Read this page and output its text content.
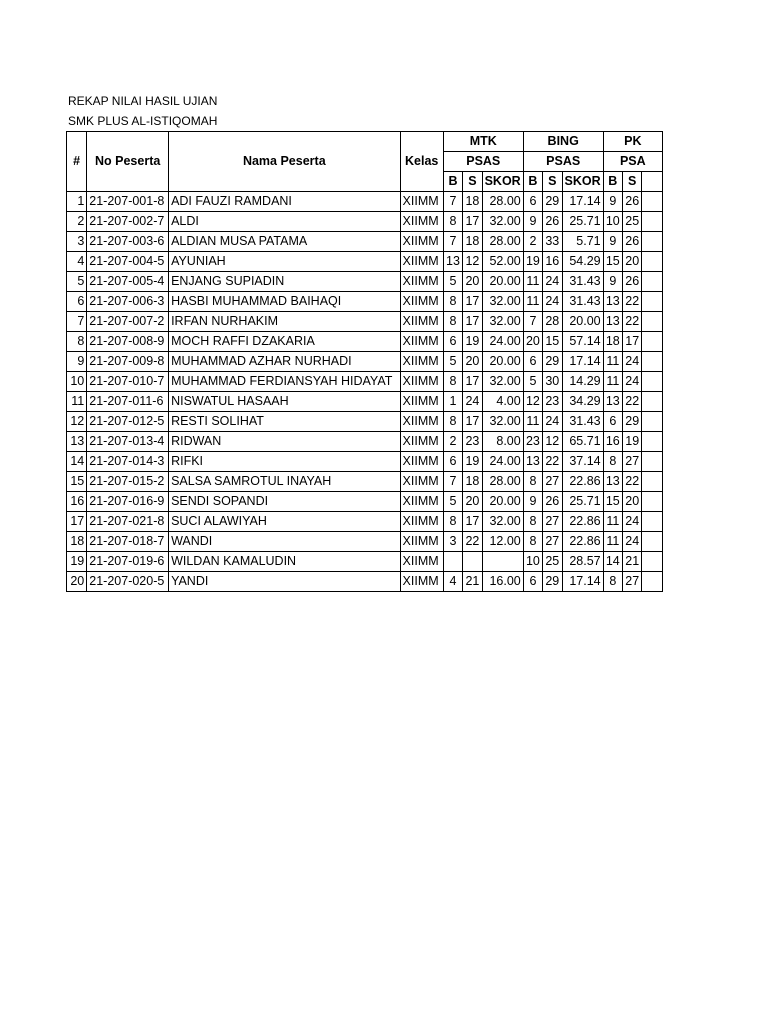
REKAP NILAI HASIL UJIAN
SMK PLUS AL-ISTIQOMAH
#	No Peserta	Nama Peserta	Kelas	MTK			BING			PK		
				PSAS			PSAS			PSA		
				B	S	SKOR	B	S	SKOR	B	S	
1	21-207-001-8	ADI FAUZI RAMDANI	XIIMM	7	18	28.00	6	29	17.14	9	26	
2	21-207-002-7	ALDI	XIIMM	8	17	32.00	9	26	25.71	10	25	
3	21-207-003-6	ALDIAN MUSA PATAMA	XIIMM	7	18	28.00	2	33	5.71	9	26	
4	21-207-004-5	AYUNIAH	XIIMM	13	12	52.00	19	16	54.29	15	20	
5	21-207-005-4	ENJANG SUPIADIN	XIIMM	5	20	20.00	11	24	31.43	9	26	
6	21-207-006-3	HASBI MUHAMMAD BAIHAQI	XIIMM	8	17	32.00	11	24	31.43	13	22	
7	21-207-007-2	IRFAN NURHAKIM	XIIMM	8	17	32.00	7	28	20.00	13	22	
8	21-207-008-9	MOCH RAFFI DZAKARIA	XIIMM	6	19	24.00	20	15	57.14	18	17	
9	21-207-009-8	MUHAMMAD AZHAR NURHADI	XIIMM	5	20	20.00	6	29	17.14	11	24	
10	21-207-010-7	MUHAMMAD FERDIANSYAH HIDAYAT	XIIMM	8	17	32.00	5	30	14.29	11	24	
11	21-207-011-6	NISWATUL HASAAH	XIIMM	1	24	4.00	12	23	34.29	13	22	
12	21-207-012-5	RESTI SOLIHAT	XIIMM	8	17	32.00	11	24	31.43	6	29	
13	21-207-013-4	RIDWAN	XIIMM	2	23	8.00	23	12	65.71	16	19	
14	21-207-014-3	RIFKI	XIIMM	6	19	24.00	13	22	37.14	8	27	
15	21-207-015-2	SALSA SAMROTUL INAYAH	XIIMM	7	18	28.00	8	27	22.86	13	22	
16	21-207-016-9	SENDI SOPANDI	XIIMM	5	20	20.00	9	26	25.71	15	20	
17	21-207-021-8	SUCI ALAWIYAH	XIIMM	8	17	32.00	8	27	22.86	11	24	
18	21-207-018-7	WANDI	XIIMM	3	22	12.00	8	27	22.86	11	24	
19	21-207-019-6	WILDAN KAMALUDIN	XIIMM				10	25	28.57	14	21	
20	21-207-020-5	YANDI	XIIMM	4	21	16.00	6	29	17.14	8	27	
